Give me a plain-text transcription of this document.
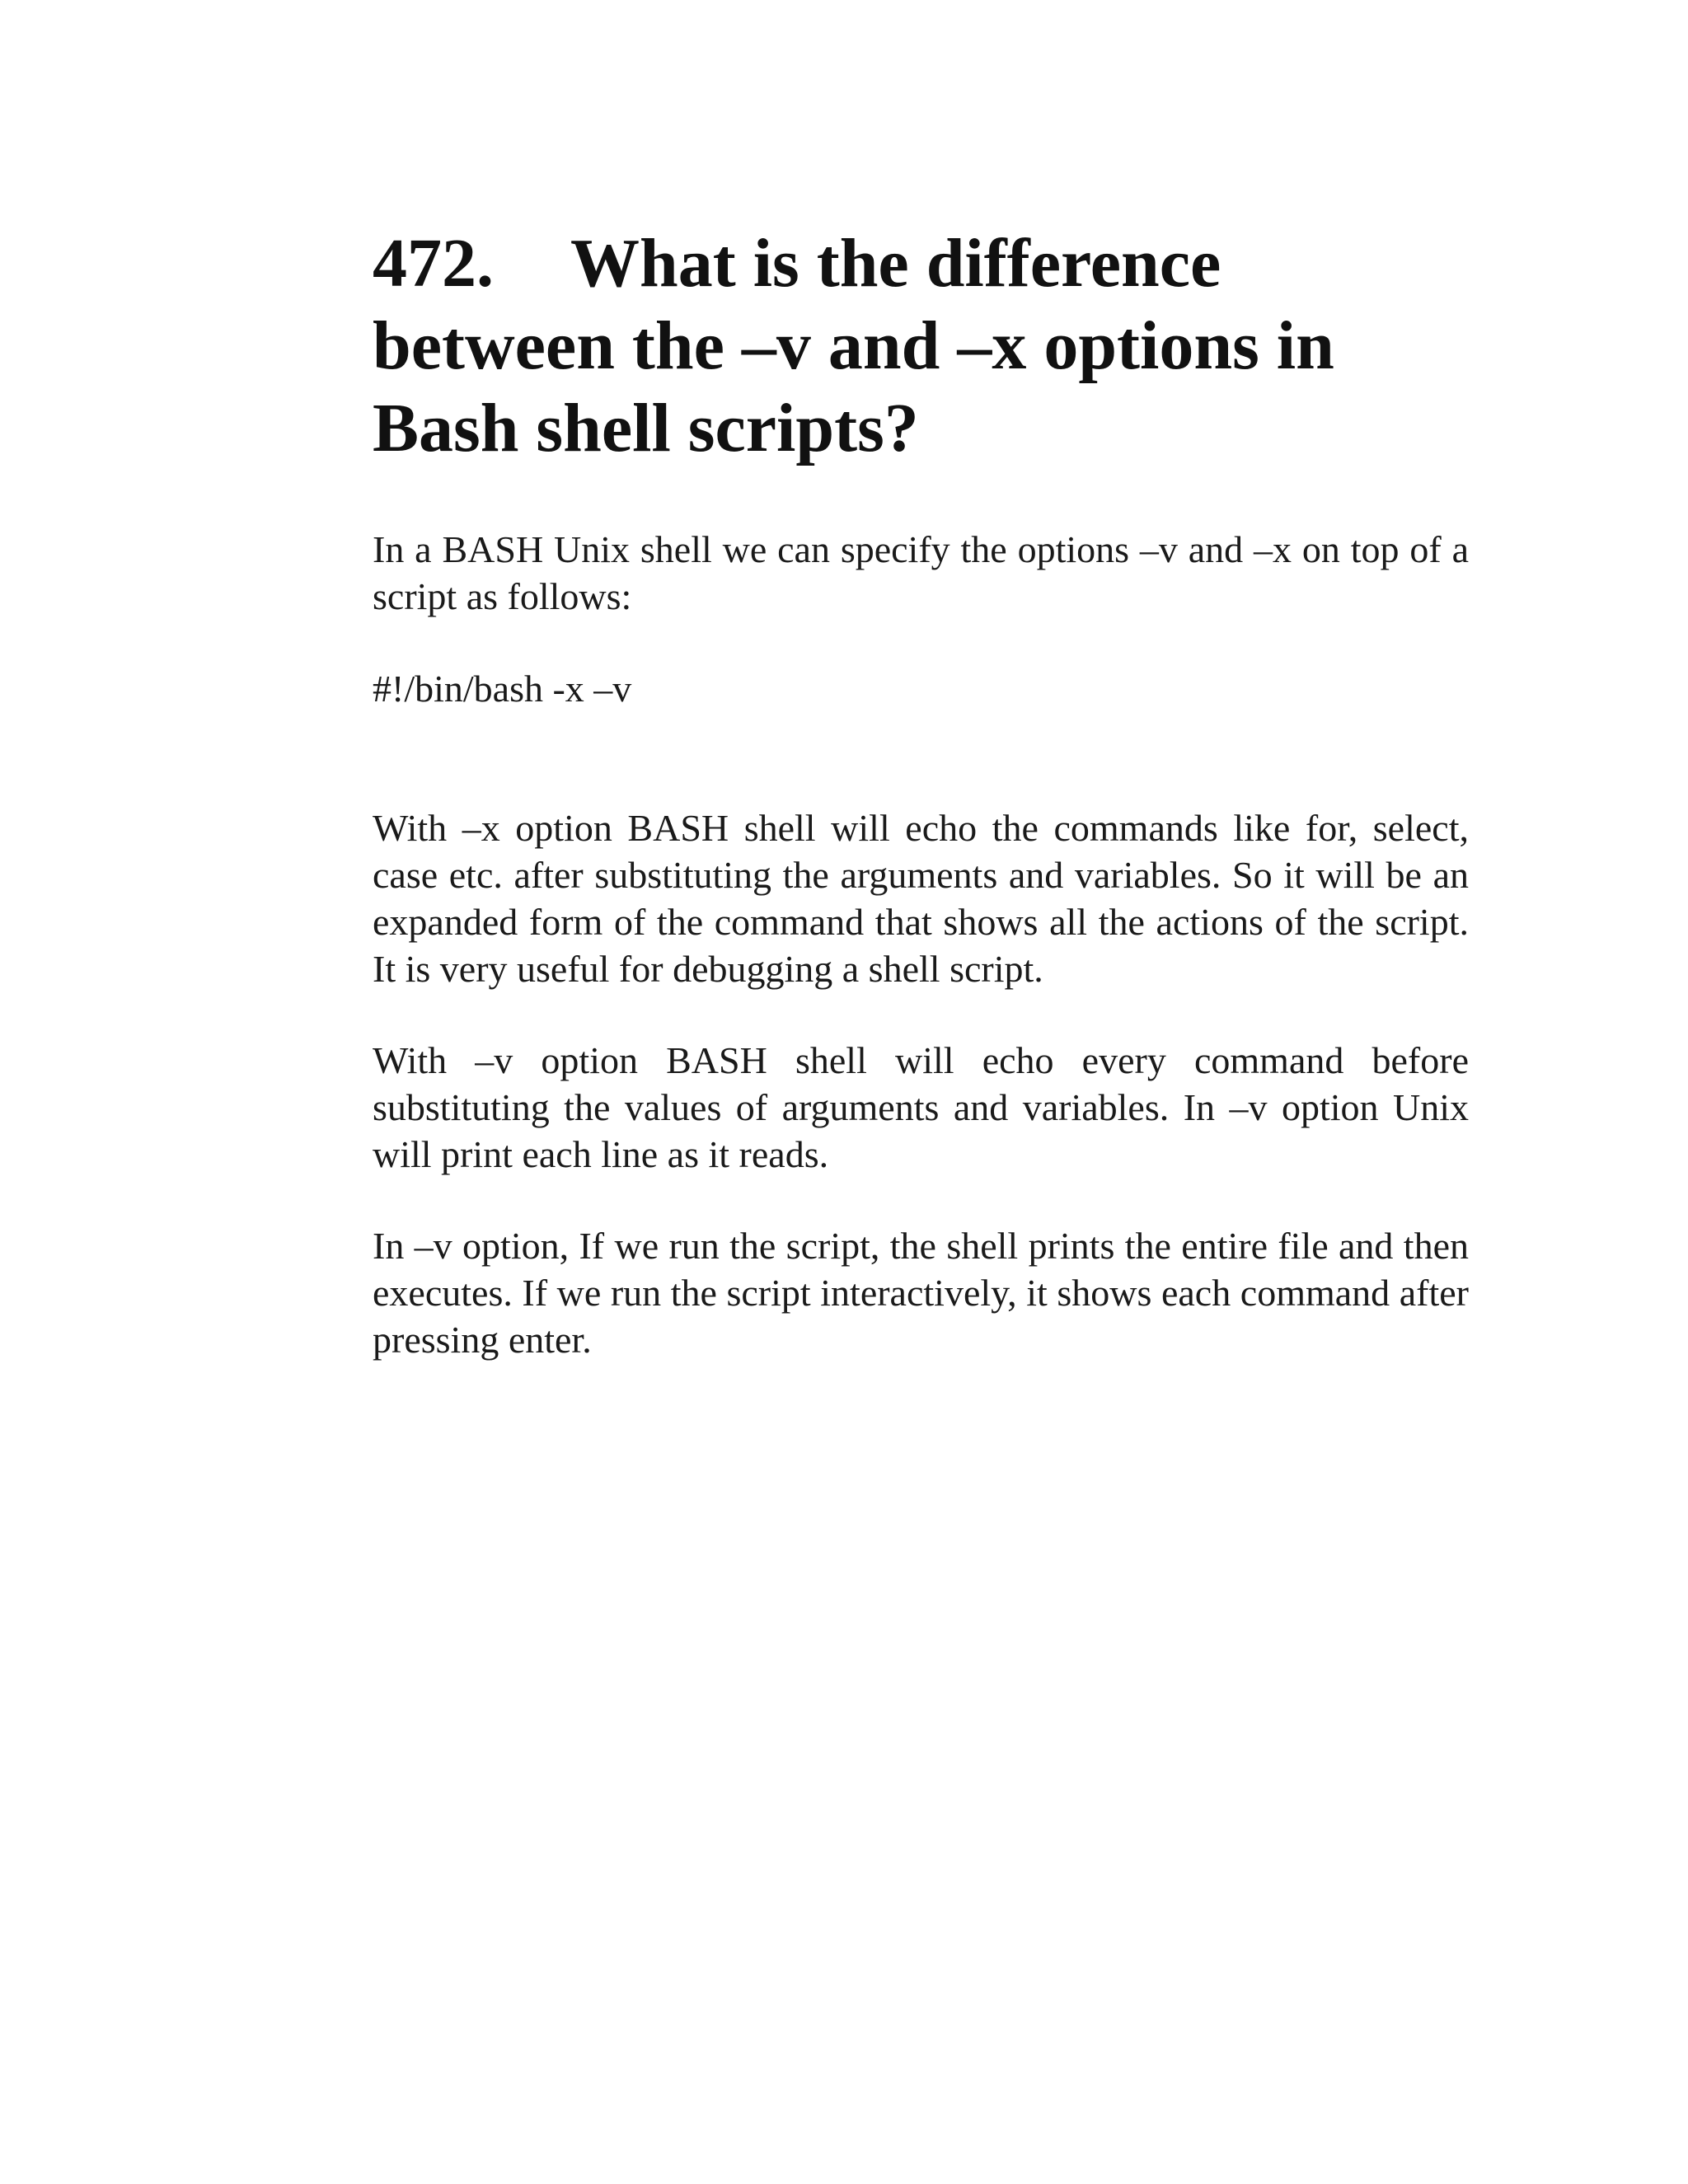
472. What is the difference between the –v and –x options in Bash shell scripts?

In a BASH Unix shell we can specify the options –v and –x on top of a script as follows:

#!/bin/bash -x –v

With –x option BASH shell will echo the commands like for, select, case etc. after substituting the arguments and variables. So it will be an expanded form of the command that shows all the actions of the script. It is very useful for debugging a shell script.

With –v option BASH shell will echo every command before substituting the values of arguments and variables. In –v option Unix will print each line as it reads.

In –v option, If we run the script, the shell prints the entire file and then executes. If we run the script interactively, it shows each command after pressing enter.
